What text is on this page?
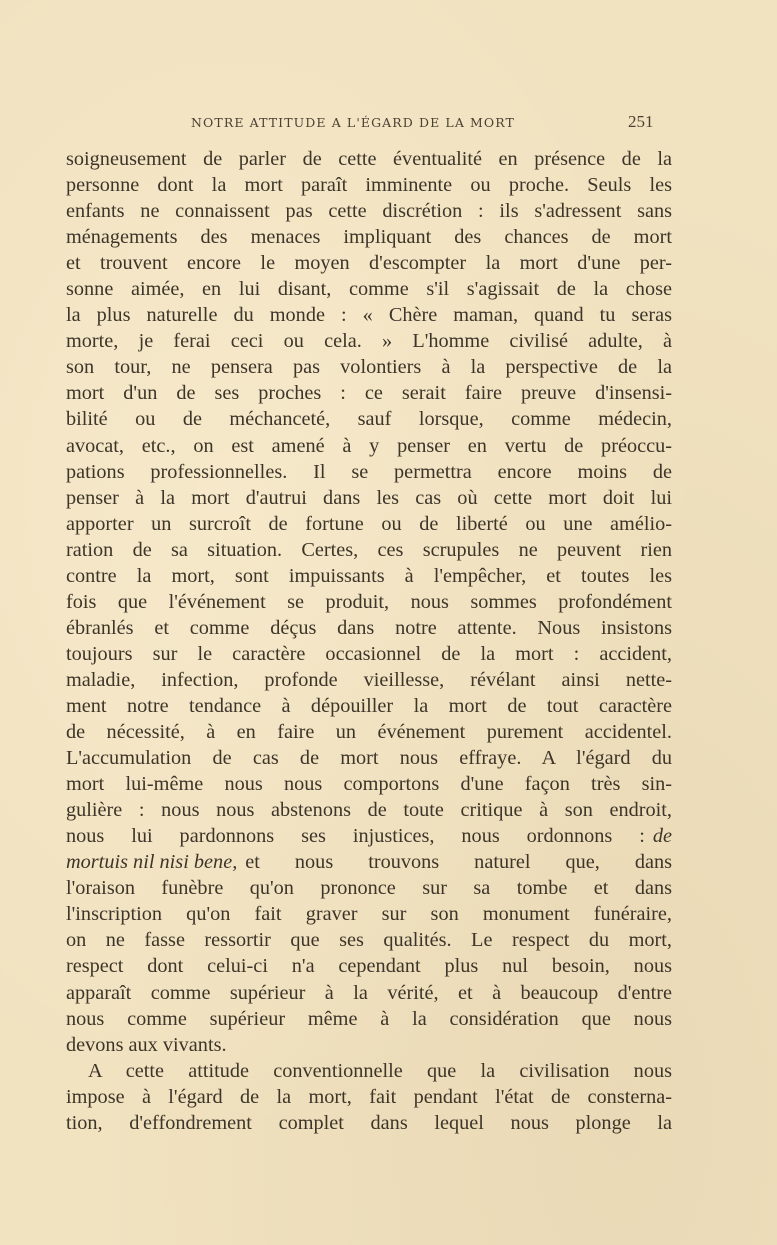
NOTRE ATTITUDE A L'ÉGARD DE LA MORT	251
soigneusement de parler de cette éventualité en présence de la
personne dont la mort paraît imminente ou proche. Seuls les
enfants ne connaissent pas cette discrétion : ils s'adressent sans
ménagements des menaces impliquant des chances de mort
et trouvent encore le moyen d'escompter la mort d'une per-
sonne aimée, en lui disant, comme s'il s'agissait de la chose
la plus naturelle du monde : « Chère maman, quand tu seras
morte, je ferai ceci ou cela. » L'homme civilisé adulte, à
son tour, ne pensera pas volontiers à la perspective de la
mort d'un de ses proches : ce serait faire preuve d'insensi-
bilité ou de méchanceté, sauf lorsque, comme médecin,
avocat, etc., on est amené à y penser en vertu de préoccu-
pations professionnelles. Il se permettra encore moins de
penser à la mort d'autrui dans les cas où cette mort doit lui
apporter un surcroît de fortune ou de liberté ou une amélio-
ration de sa situation. Certes, ces scrupules ne peuvent rien
contre la mort, sont impuissants à l'empêcher, et toutes les
fois que l'événement se produit, nous sommes profondément
ébranlés et comme déçus dans notre attente. Nous insistons
toujours sur le caractère occasionnel de la mort : accident,
maladie, infection, profonde vieillesse, révélant ainsi nette-
ment notre tendance à dépouiller la mort de tout caractère
de nécessité, à en faire un événement purement accidentel.
L'accumulation de cas de mort nous effraye. A l'égard du
mort lui-même nous nous comportons d'une façon très sin-
gulière : nous nous abstenons de toute critique à son endroit,
nous lui pardonnons ses injustices, nous ordonnons : de
mortuis nil nisi bene, et nous trouvons naturel que, dans
l'oraison funèbre qu'on prononce sur sa tombe et dans
l'inscription qu'on fait graver sur son monument funéraire,
on ne fasse ressortir que ses qualités. Le respect du mort,
respect dont celui-ci n'a cependant plus nul besoin, nous
apparaît comme supérieur à la vérité, et à beaucoup d'entre
nous comme supérieur même à la considération que nous
devons aux vivants.
A cette attitude conventionnelle que la civilisation nous
impose à l'égard de la mort, fait pendant l'état de consterna-
tion, d'effondrement complet dans lequel nous plonge la
